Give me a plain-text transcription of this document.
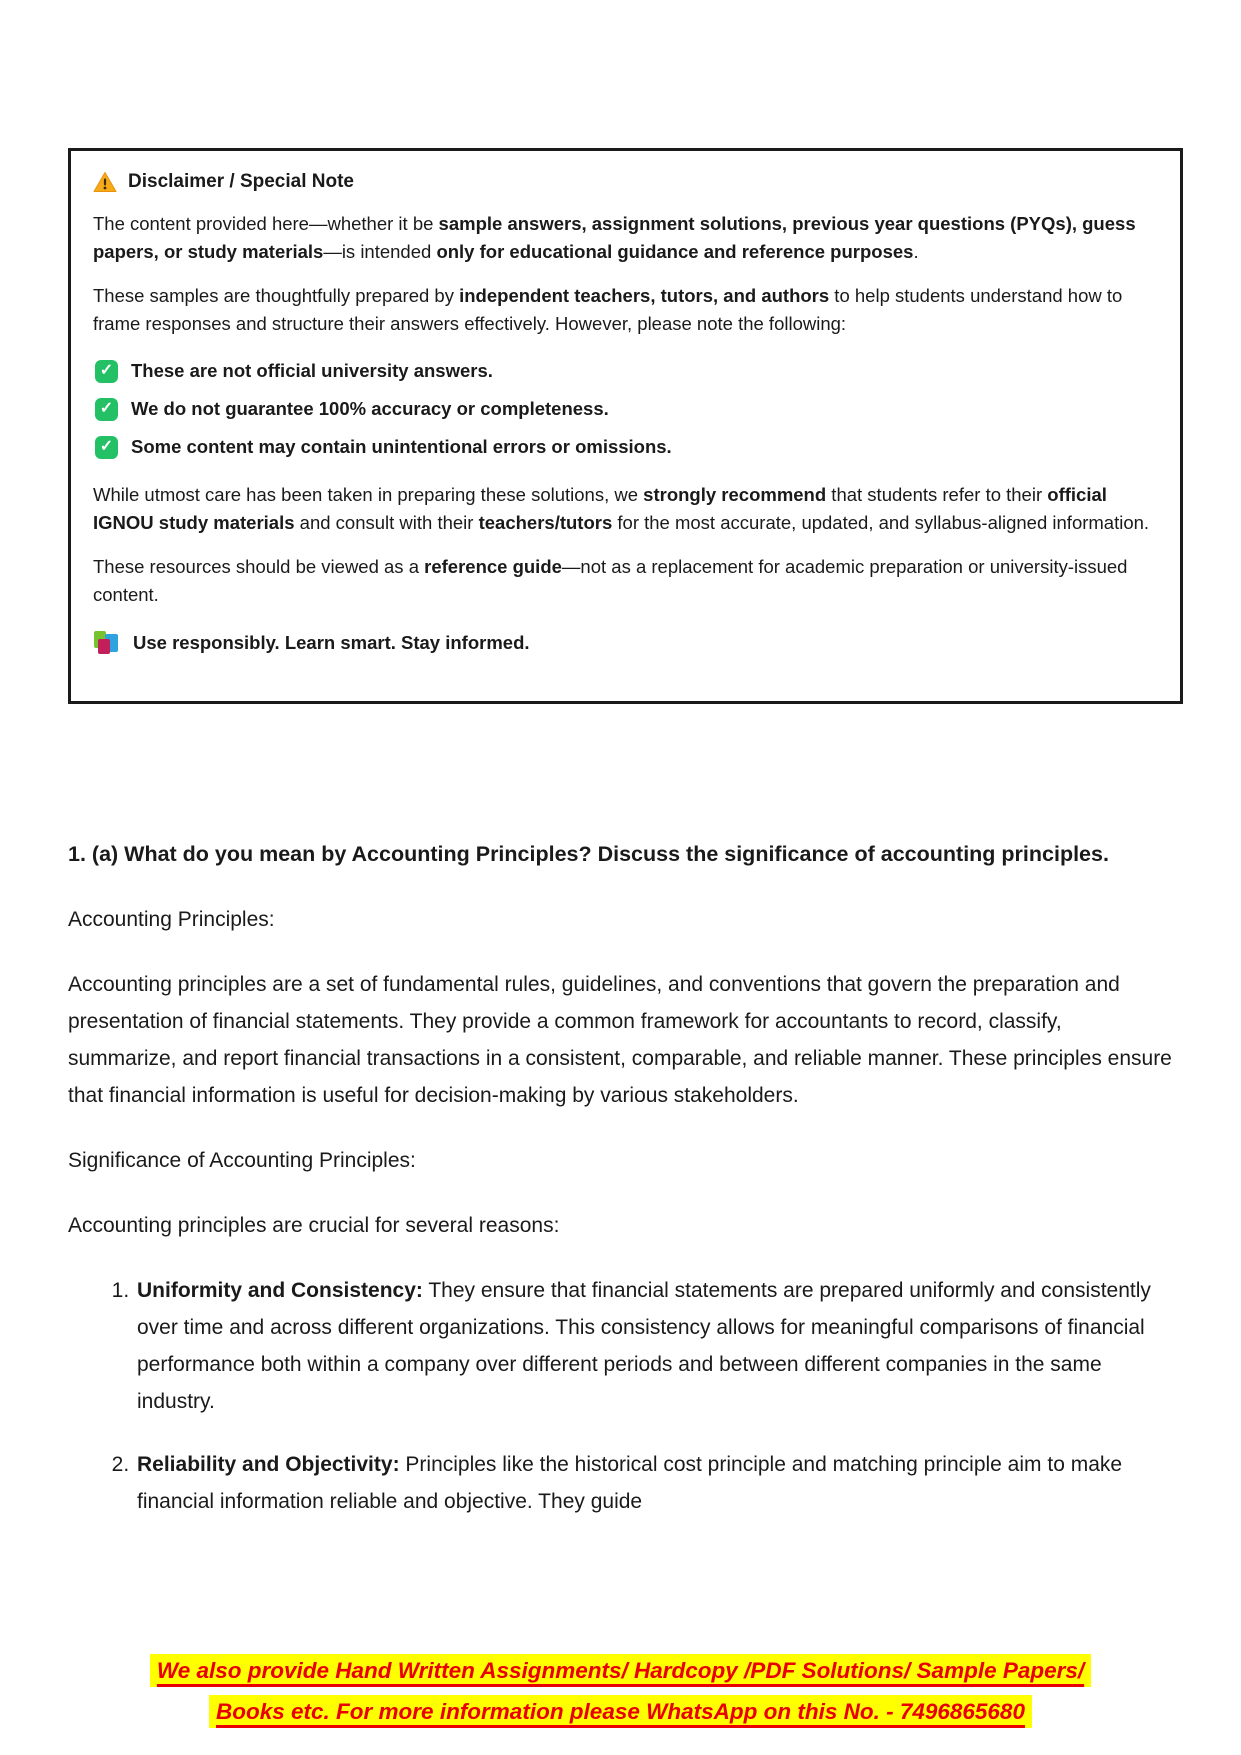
Disclaimer / Special Note

The content provided here—whether it be sample answers, assignment solutions, previous year questions (PYQs), guess papers, or study materials—is intended only for educational guidance and reference purposes.

These samples are thoughtfully prepared by independent teachers, tutors, and authors to help students understand how to frame responses and structure their answers effectively. However, please note the following:

✓ These are not official university answers.
✓ We do not guarantee 100% accuracy or completeness.
✓ Some content may contain unintentional errors or omissions.

While utmost care has been taken in preparing these solutions, we strongly recommend that students refer to their official IGNOU study materials and consult with their teachers/tutors for the most accurate, updated, and syllabus-aligned information.

These resources should be viewed as a reference guide—not as a replacement for academic preparation or university-issued content.

Use responsibly. Learn smart. Stay informed.
1. (a) What do you mean by Accounting Principles? Discuss the significance of accounting principles.

Accounting Principles:

Accounting principles are a set of fundamental rules, guidelines, and conventions that govern the preparation and presentation of financial statements. They provide a common framework for accountants to record, classify, summarize, and report financial transactions in a consistent, comparable, and reliable manner. These principles ensure that financial information is useful for decision-making by various stakeholders.

Significance of Accounting Principles:

Accounting principles are crucial for several reasons:

1. Uniformity and Consistency: They ensure that financial statements are prepared uniformly and consistently over time and across different organizations. This consistency allows for meaningful comparisons of financial performance both within a company over different periods and between different companies in the same industry.
2. Reliability and Objectivity: Principles like the historical cost principle and matching principle aim to make financial information reliable and objective. They guide
We also provide Hand Written Assignments/ Hardcopy /PDF Solutions/ Sample Papers/
Books etc. For more information please WhatsApp on this No. - 7496865680
